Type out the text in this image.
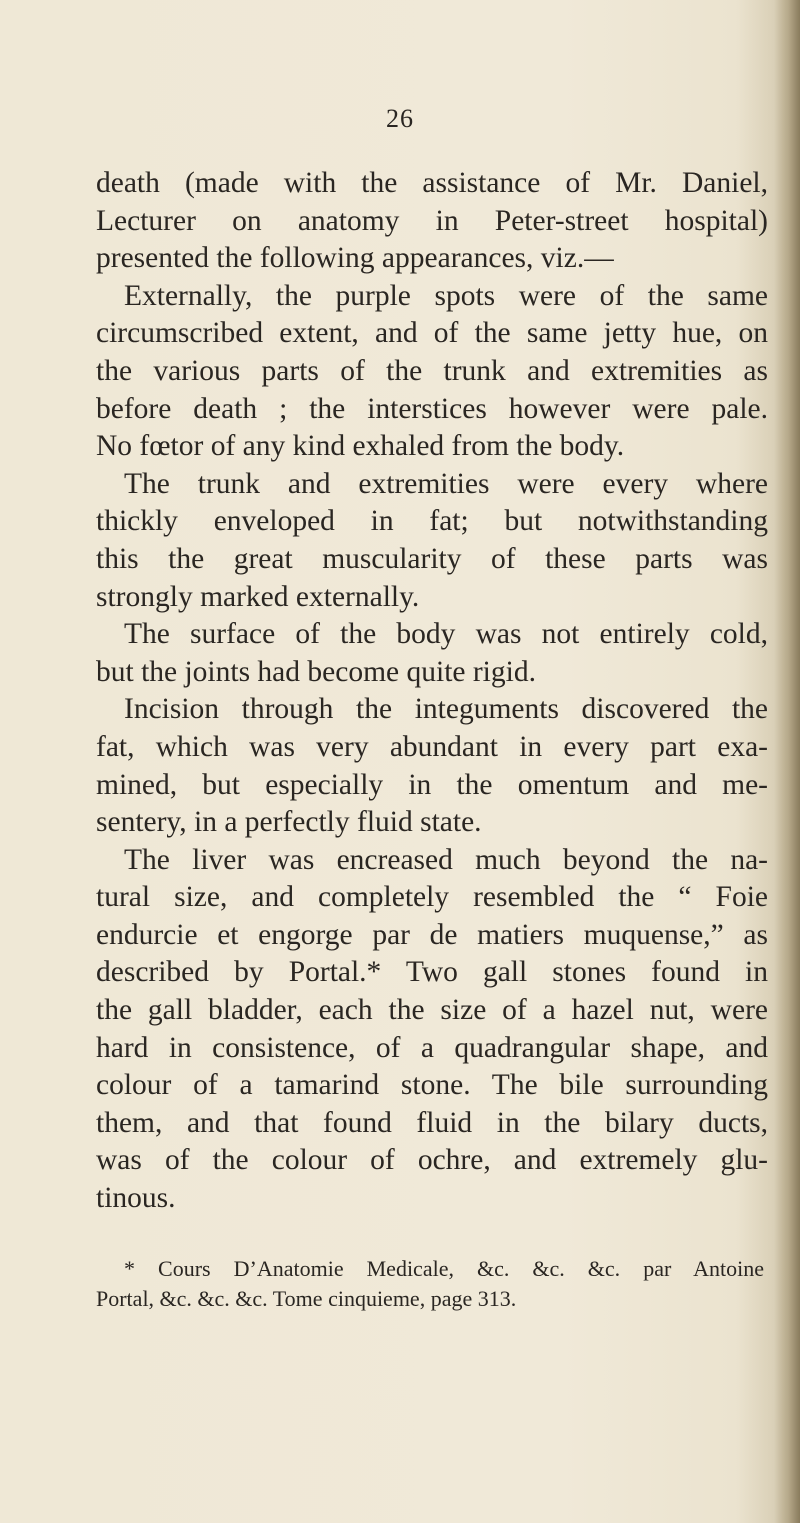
26
death (made with the assistance of Mr. Daniel,
Lecturer on anatomy in Peter-street hospital)
presented the following appearances, viz.—
Externally, the purple spots were of the same
circumscribed extent, and of the same jetty hue, on
the various parts of the trunk and extremities as
before death ; the interstices however were pale.
No fœtor of any kind exhaled from the body.
The trunk and extremities were every where
thickly enveloped in fat; but notwithstanding
this the great muscularity of these parts was
strongly marked externally.
The surface of the body was not entirely cold,
but the joints had become quite rigid.
Incision through the integuments discovered the
fat, which was very abundant in every part exa-
mined, but especially in the omentum and me-
sentery, in a perfectly fluid state.
The liver was encreased much beyond the na-
tural size, and completely resembled the “ Foie
endurcie et engorge par de matiers muquense,” as
described by Portal.* Two gall stones found in
the gall bladder, each the size of a hazel nut, were
hard in consistence, of a quadrangular shape, and
colour of a tamarind stone. The bile surrounding
them, and that found fluid in the bilary ducts,
was of the colour of ochre, and extremely glu-
tinous.
* Cours D’Anatomie Medicale, &c. &c. &c. par Antoine
Portal, &c. &c. &c. Tome cinquieme, page 313.
